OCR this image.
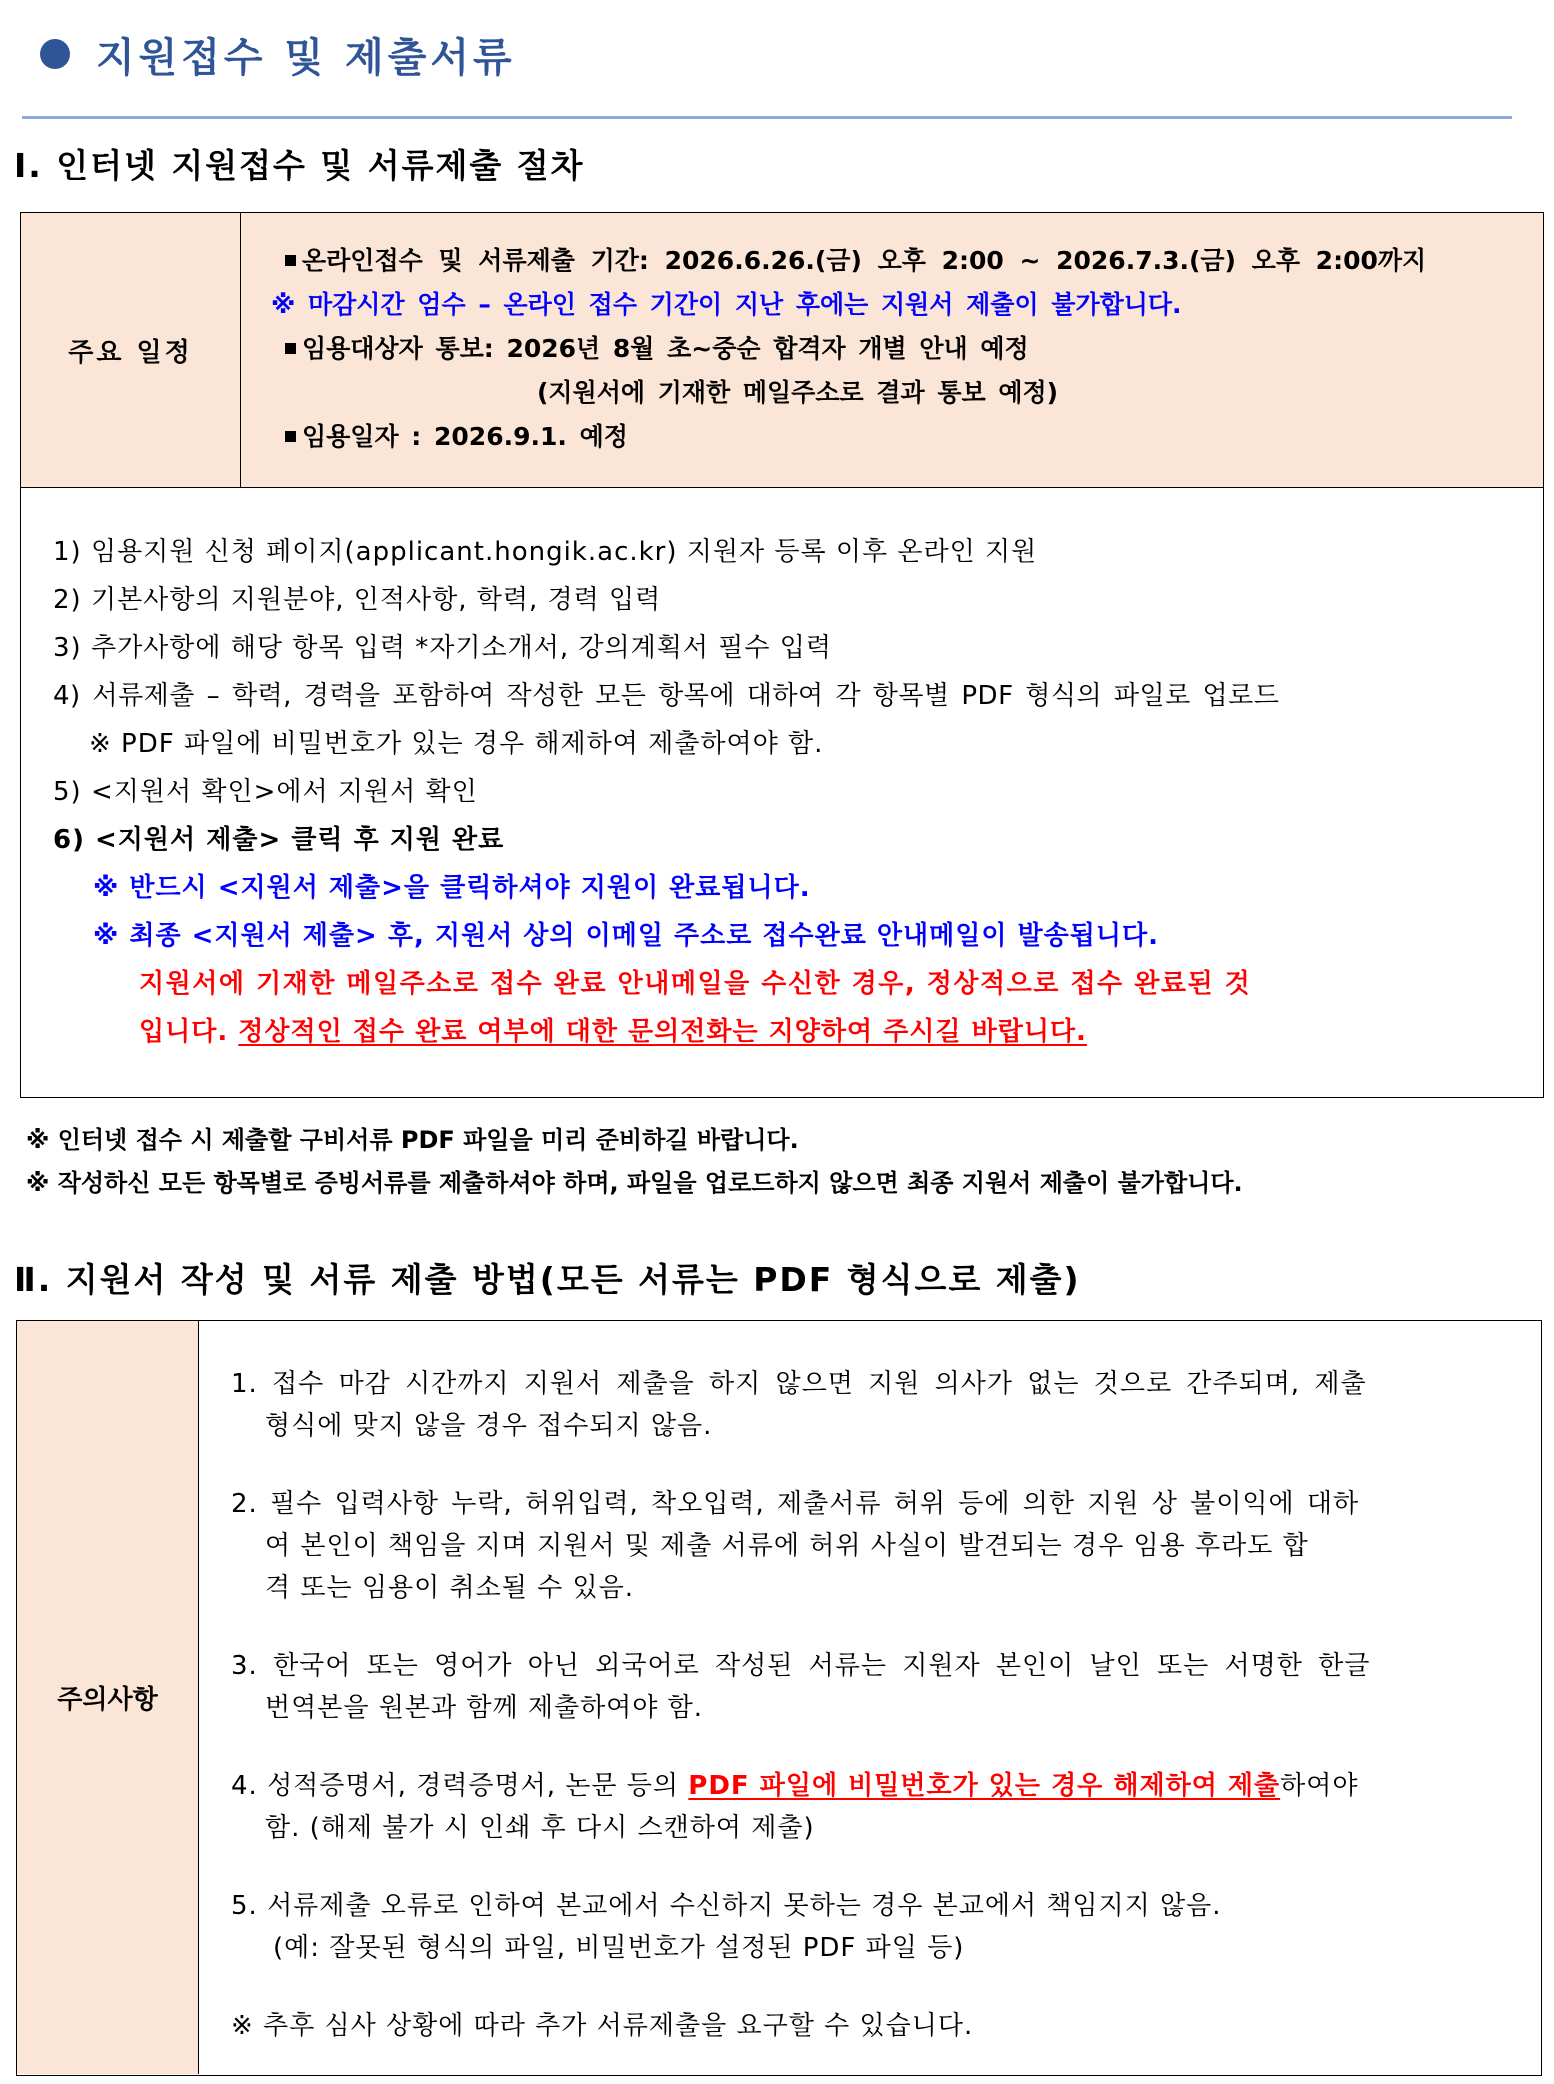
지원접수 및 제출서류
I. 인터넷 지원접수 및 서류제출 절차
주요 일정
온라인접수 및 서류제출 기간: 2026.6.26.(금) 오후 2:00 ~ 2026.7.3.(금) 오후 2:00까지
※ 마감시간 엄수 – 온라인 접수 기간이 지난 후에는 지원서 제출이 불가합니다.
임용대상자 통보: 2026년 8월 초~중순 합격자 개별 안내 예정
(지원서에 기재한 메일주소로 결과 통보 예정)
임용일자 : 2026.9.1. 예정
1) 임용지원 신청 페이지(applicant.hongik.ac.kr) 지원자 등록 이후 온라인 지원
2) 기본사항의 지원분야, 인적사항, 학력, 경력 입력
3) 추가사항에 해당 항목 입력 *자기소개서, 강의계획서 필수 입력
4) 서류제출 – 학력, 경력을 포함하여 작성한 모든 항목에 대하여 각 항목별 PDF 형식의 파일로 업로드
※ PDF 파일에 비밀번호가 있는 경우 해제하여 제출하여야 함.
5) <지원서 확인>에서 지원서 확인
6) <지원서 제출> 클릭 후 지원 완료
※ 반드시 <지원서 제출>을 클릭하셔야 지원이 완료됩니다.
※ 최종 <지원서 제출> 후, 지원서 상의 이메일 주소로 접수완료 안내메일이 발송됩니다.
지원서에 기재한 메일주소로 접수 완료 안내메일을 수신한 경우, 정상적으로 접수 완료된 것
입니다. 정상적인 접수 완료 여부에 대한 문의전화는 지양하여 주시길 바랍니다.
※ 인터넷 접수 시 제출할 구비서류 PDF 파일을 미리 준비하길 바랍니다.
※ 작성하신 모든 항목별로 증빙서류를 제출하셔야 하며, 파일을 업로드하지 않으면 최종 지원서 제출이 불가합니다.
Ⅱ. 지원서 작성 및 서류 제출 방법(모든 서류는 PDF 형식으로 제출)
주의사항
1. 접수 마감 시간까지 지원서 제출을 하지 않으면 지원 의사가 없는 것으로 간주되며, 제출
형식에 맞지 않을 경우 접수되지 않음.
2. 필수 입력사항 누락, 허위입력, 착오입력, 제출서류 허위 등에 의한 지원 상 불이익에 대하
여 본인이 책임을 지며 지원서 및 제출 서류에 허위 사실이 발견되는 경우 임용 후라도 합
격 또는 임용이 취소될 수 있음.
3. 한국어 또는 영어가 아닌 외국어로 작성된 서류는 지원자 본인이 날인 또는 서명한 한글
번역본을 원본과 함께 제출하여야 함.
4. 성적증명서, 경력증명서, 논문 등의 PDF 파일에 비밀번호가 있는 경우 해제하여 제출하여야
함. (해제 불가 시 인쇄 후 다시 스캔하여 제출)
5. 서류제출 오류로 인하여 본교에서 수신하지 못하는 경우 본교에서 책임지지 않음.
(예: 잘못된 형식의 파일, 비밀번호가 설정된 PDF 파일 등)
※ 추후 심사 상황에 따라 추가 서류제출을 요구할 수 있습니다.
